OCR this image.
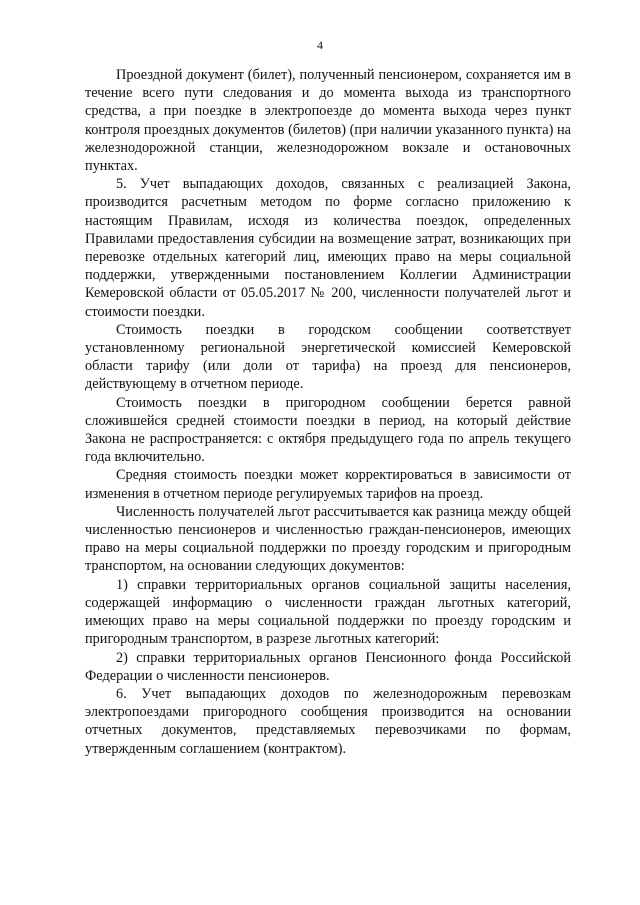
4

Проездной документ (билет), полученный пенсионером, сохраняется им в течение всего пути следования и до момента выхода из транспортного средства, а при поездке в электропоезде до момента выхода через пункт контроля проездных документов (билетов) (при наличии указанного пункта) на железнодорожной станции, железнодорожном вокзале и остановочных пунктах.

5. Учет выпадающих доходов, связанных с реализацией Закона, производится расчетным методом по форме согласно приложению к настоящим Правилам, исходя из количества поездок, определенных Правилами предоставления субсидии на возмещение затрат, возникающих при перевозке отдельных категорий лиц, имеющих право на меры социальной поддержки, утвержденными постановлением Коллегии Администрации Кемеровской области от 05.05.2017 № 200, численности получателей льгот и стоимости поездки.

Стоимость поездки в городском сообщении соответствует установленному региональной энергетической комиссией Кемеровской области тарифу (или доли от тарифа) на проезд для пенсионеров, действующему в отчетном периоде.

Стоимость поездки в пригородном сообщении берется равной сложившейся средней стоимости поездки в период, на который действие Закона не распространяется: с октября предыдущего года по апрель текущего года включительно.

Средняя стоимость поездки может корректироваться в зависимости от изменения в отчетном периоде регулируемых тарифов на проезд.

Численность получателей льгот рассчитывается как разница между общей численностью пенсионеров и численностью граждан-пенсионеров, имеющих право на меры социальной поддержки по проезду городским и пригородным транспортом, на основании следующих документов:

1) справки территориальных органов социальной защиты населения, содержащей информацию о численности граждан льготных категорий, имеющих право на меры социальной поддержки по проезду городским и пригородным транспортом, в разрезе льготных категорий:

2) справки территориальных органов Пенсионного фонда Российской Федерации о численности пенсионеров.

6. Учет выпадающих доходов по железнодорожным перевозкам электропоездами пригородного сообщения производится на основании отчетных документов, представляемых перевозчиками по формам, утвержденным соглашением (контрактом).
